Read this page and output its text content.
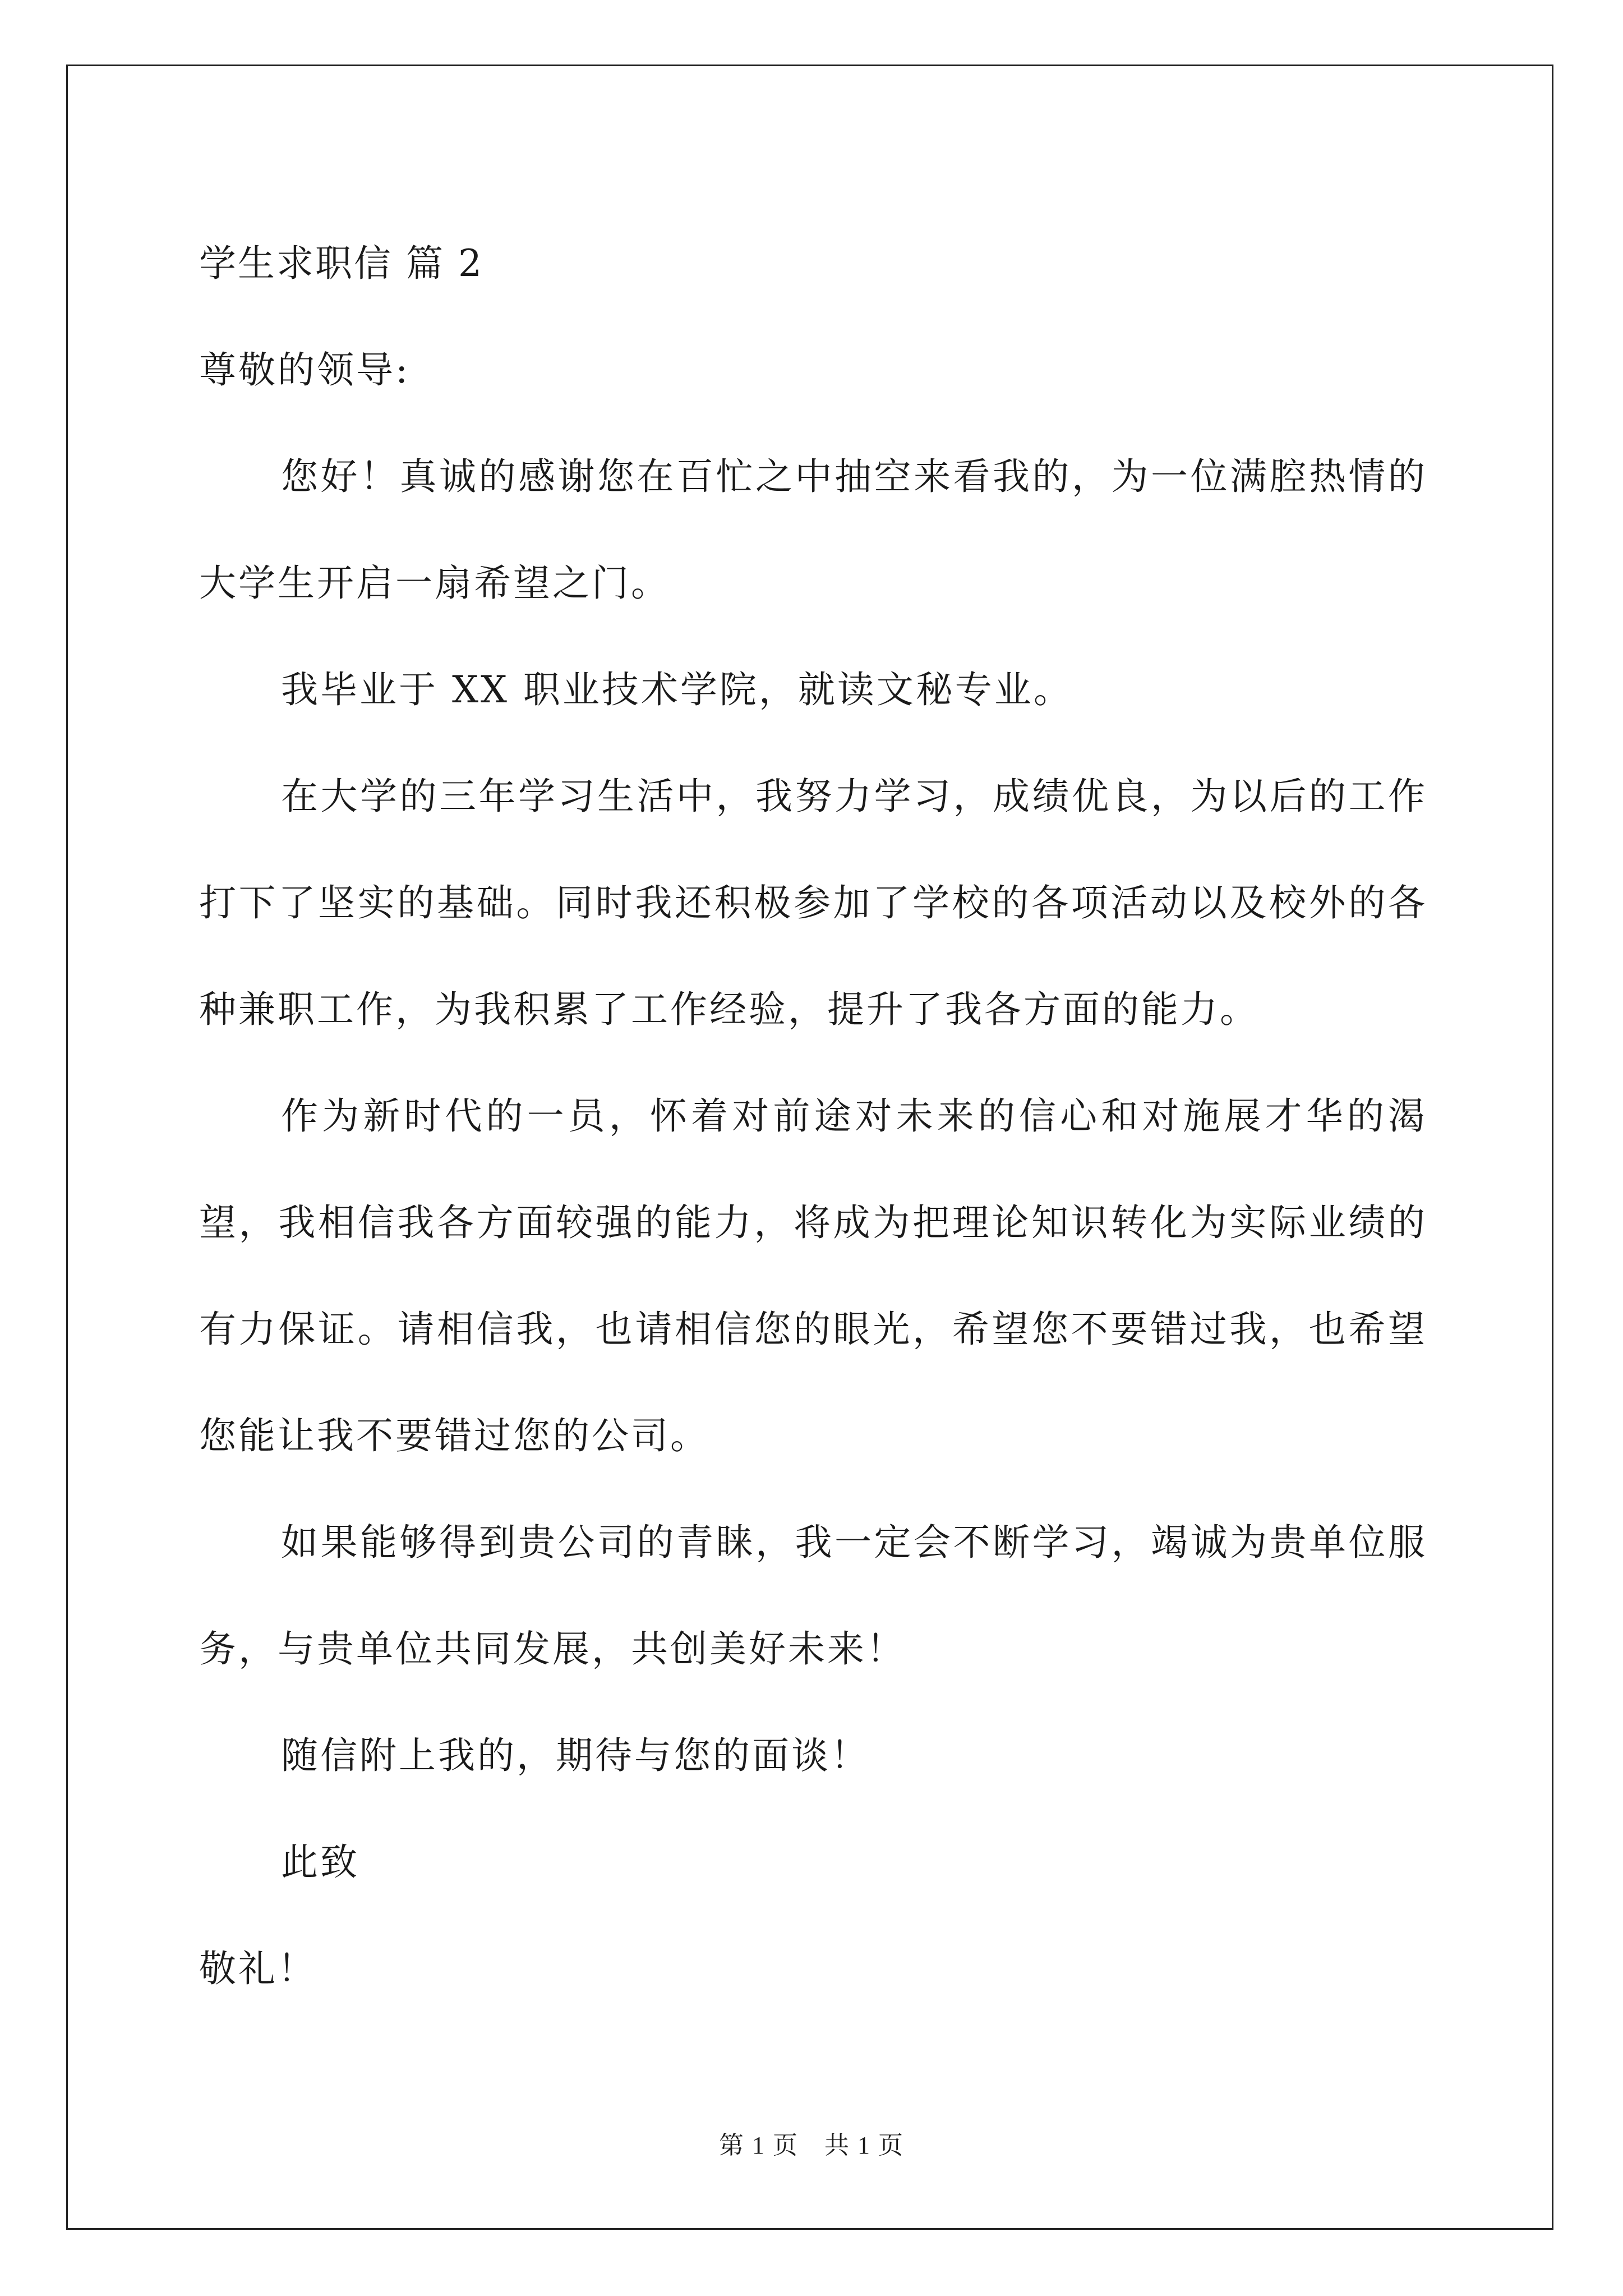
学生求职信 篇 2
尊敬的领导:
您好！真诚的感谢您在百忙之中抽空来看我的，为一位满腔热情的大学生开启一扇希望之门。
我毕业于 XX 职业技术学院，就读文秘专业。
在大学的三年学习生活中，我努力学习，成绩优良，为以后的工作打下了坚实的基础。同时我还积极参加了学校的各项活动以及校外的各种兼职工作，为我积累了工作经验，提升了我各方面的能力。
作为新时代的一员，怀着对前途对未来的信心和对施展才华的渴望，我相信我各方面较强的能力，将成为把理论知识转化为实际业绩的有力保证。请相信我，也请相信您的眼光，希望您不要错过我，也希望您能让我不要错过您的公司。
如果能够得到贵公司的青睐，我一定会不断学习，竭诚为贵单位服务，与贵单位共同发展，共创美好未来！
随信附上我的，期待与您的面谈！
此致
敬礼！
第 1 页　共 1 页
